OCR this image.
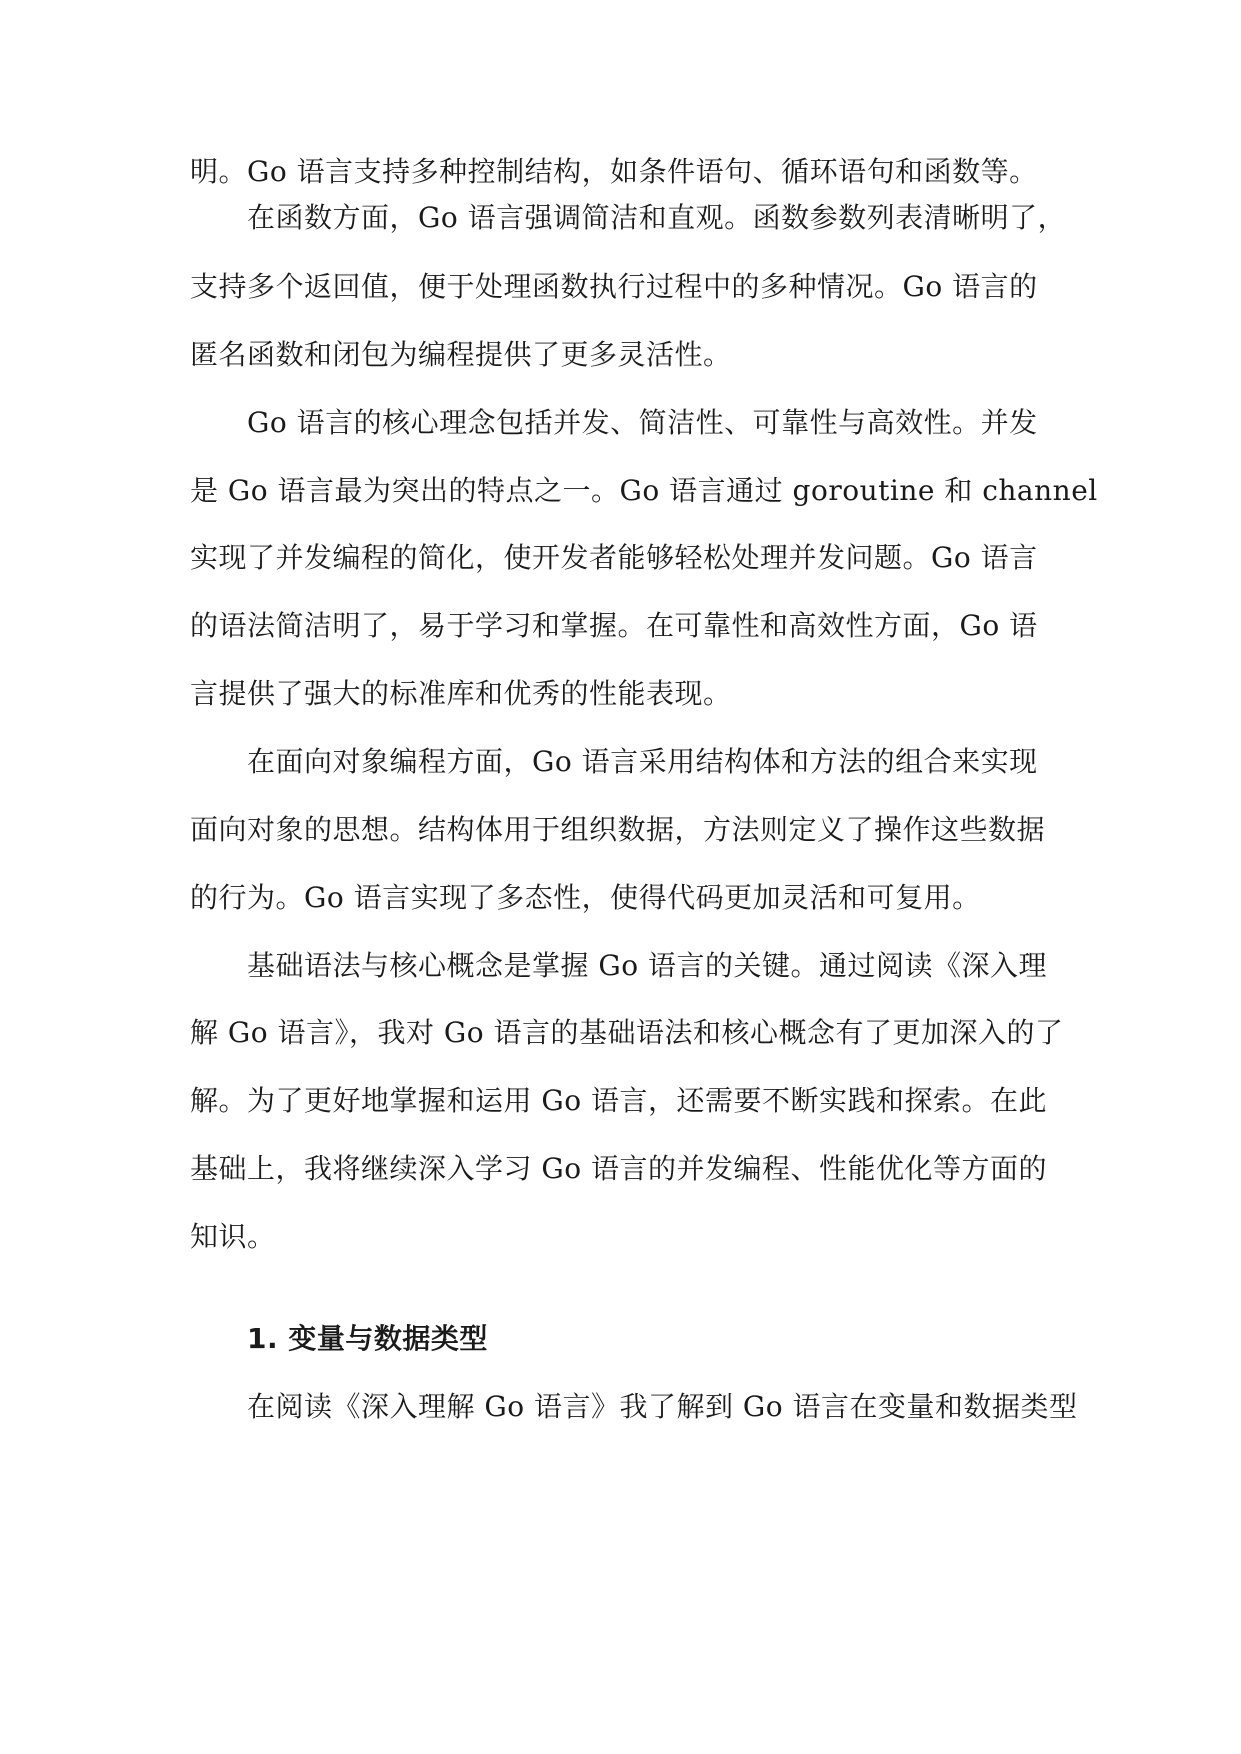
明。Go 语言支持多种控制结构，如条件语句、循环语句和函数等。
在函数方面，Go 语言强调简洁和直观。函数参数列表清晰明了，
支持多个返回值，便于处理函数执行过程中的多种情况。Go 语言的
匿名函数和闭包为编程提供了更多灵活性。
Go 语言的核心理念包括并发、简洁性、可靠性与高效性。并发
是 Go 语言最为突出的特点之一。Go 语言通过 goroutine 和 channel
实现了并发编程的简化，使开发者能够轻松处理并发问题。Go 语言
的语法简洁明了，易于学习和掌握。在可靠性和高效性方面，Go 语
言提供了强大的标准库和优秀的性能表现。
在面向对象编程方面，Go 语言采用结构体和方法的组合来实现
面向对象的思想。结构体用于组织数据，方法则定义了操作这些数据
的行为。Go 语言实现了多态性，使得代码更加灵活和可复用。
基础语法与核心概念是掌握 Go 语言的关键。通过阅读《深入理
解 Go 语言》，我对 Go 语言的基础语法和核心概念有了更加深入的了
解。为了更好地掌握和运用 Go 语言，还需要不断实践和探索。在此
基础上，我将继续深入学习 Go 语言的并发编程、性能优化等方面的
知识。
1. 变量与数据类型
在阅读《深入理解 Go 语言》我了解到 Go 语言在变量和数据类型
